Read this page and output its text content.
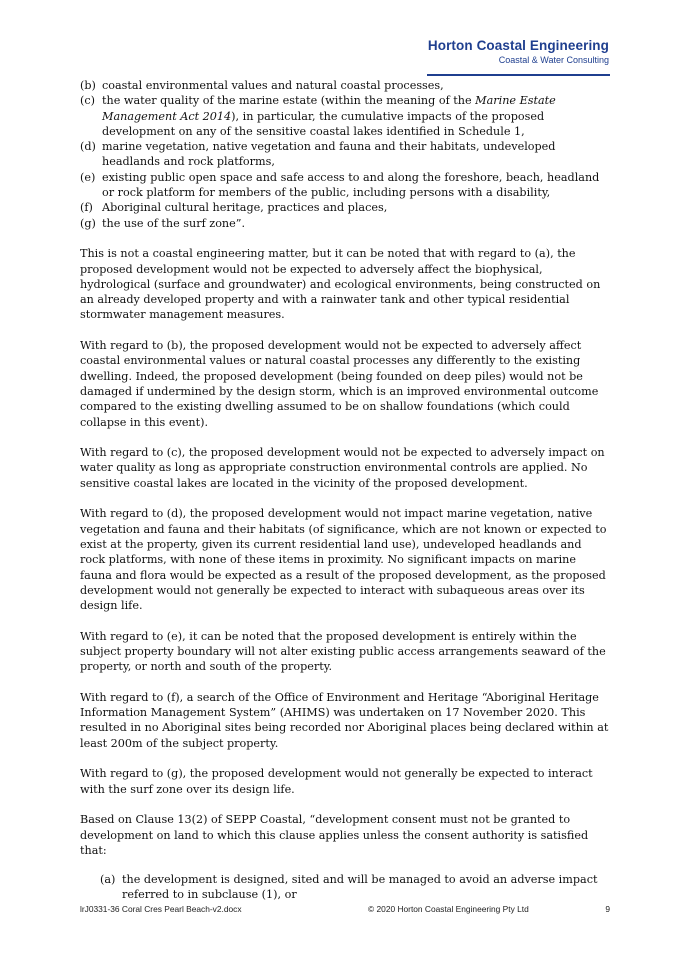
Horton Coastal Engineering
Coastal & Water Consulting
(b) coastal environmental values and natural coastal processes,
(c) the water quality of the marine estate (within the meaning of the Marine Estate Management Act 2014), in particular, the cumulative impacts of the proposed development on any of the sensitive coastal lakes identified in Schedule 1,
(d) marine vegetation, native vegetation and fauna and their habitats, undeveloped headlands and rock platforms,
(e) existing public open space and safe access to and along the foreshore, beach, headland or rock platform for members of the public, including persons with a disability,
(f) Aboriginal cultural heritage, practices and places,
(g) the use of the surf zone”.

This is not a coastal engineering matter, but it can be noted that with regard to (a), the proposed development would not be expected to adversely affect the biophysical, hydrological (surface and groundwater) and ecological environments, being constructed on an already developed property and with a rainwater tank and other typical residential stormwater management measures.

With regard to (b), the proposed development would not be expected to adversely affect coastal environmental values or natural coastal processes any differently to the existing dwelling. Indeed, the proposed development (being founded on deep piles) would not be damaged if undermined by the design storm, which is an improved environmental outcome compared to the existing dwelling assumed to be on shallow foundations (which could collapse in this event).

With regard to (c), the proposed development would not be expected to adversely impact on water quality as long as appropriate construction environmental controls are applied. No sensitive coastal lakes are located in the vicinity of the proposed development.

With regard to (d), the proposed development would not impact marine vegetation, native vegetation and fauna and their habitats (of significance, which are not known or expected to exist at the property, given its current residential land use), undeveloped headlands and rock platforms, with none of these items in proximity. No significant impacts on marine fauna and flora would be expected as a result of the proposed development, as the proposed development would not generally be expected to interact with subaqueous areas over its design life.

With regard to (e), it can be noted that the proposed development is entirely within the subject property boundary will not alter existing public access arrangements seaward of the property, or north and south of the property.

With regard to (f), a search of the Office of Environment and Heritage “Aboriginal Heritage Information Management System” (AHIMS) was undertaken on 17 November 2020. This resulted in no Aboriginal sites being recorded nor Aboriginal places being declared within at least 200m of the subject property.

With regard to (g), the proposed development would not generally be expected to interact with the surf zone over its design life.

Based on Clause 13(2) of SEPP Coastal, “development consent must not be granted to development on land to which this clause applies unless the consent authority is satisfied that:

(a) the development is designed, sited and will be managed to avoid an adverse impact referred to in subclause (1), or
lrJ0331-36 Coral Cres Pearl Beach-v2.docx	© 2020 Horton Coastal Engineering Pty Ltd	9
